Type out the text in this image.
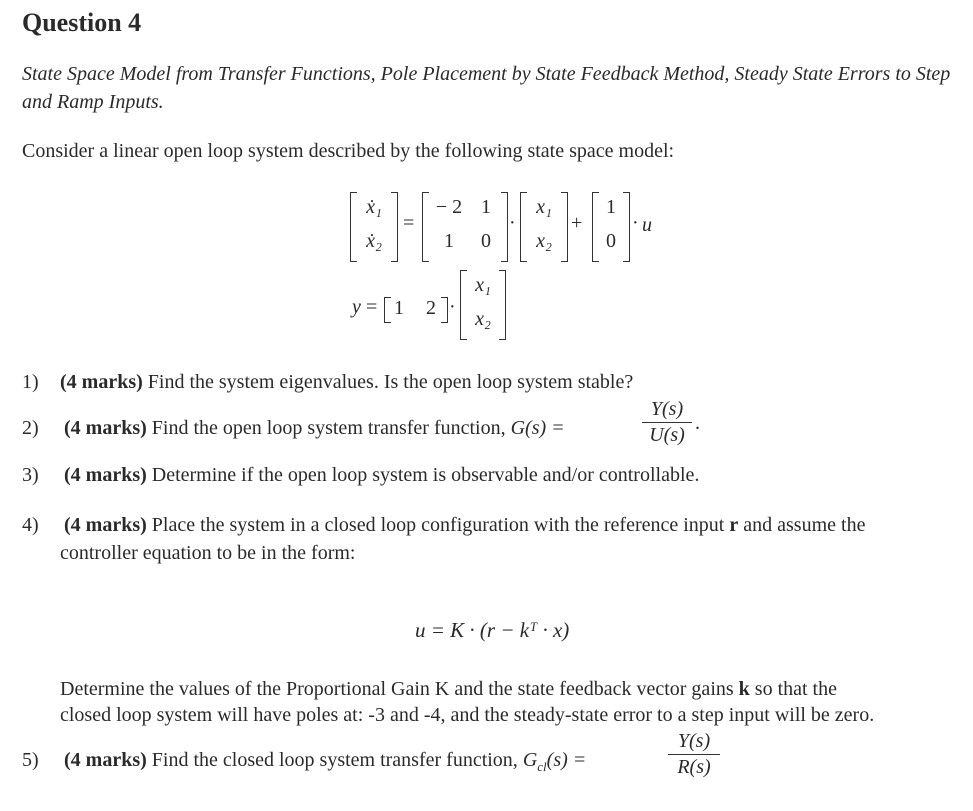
Question 4
State Space Model from Transfer Functions, Pole Placement by State Feedback Method, Steady State Errors to Step and Ramp Inputs.
Consider a linear open loop system described by the following state space model:
ẋ₁
ẋ₂
=
− 2 1
1	0
·
x₁
x₂
+
1
0
· u
y = 1 2 ·
x₁
x₂
1) (4 marks) Find the system eigenvalues. Is the open loop system stable?
2) (4 marks) Find the open loop system transfer function, G(s) =	$\frac{Y(s)}{U(s)}$ .
3) (4 marks) Determine if the open loop system is observable and/or controllable.
4) (4 marks) Place the system in a closed loop configuration with the reference input r and assume the
controller equation to be in the form:
u = K · (r − kᵀ · x)
Determine the values of the Proportional Gain K and the state feedback vector gains k so that the
closed loop system will have poles at: -3 and -4, and the steady-state error to a step input will be zero.
5) (4 marks) Find the closed loop system transfer function, $G_{cl}(s)$ =	$\frac{Y(s)}{R(s)}$
